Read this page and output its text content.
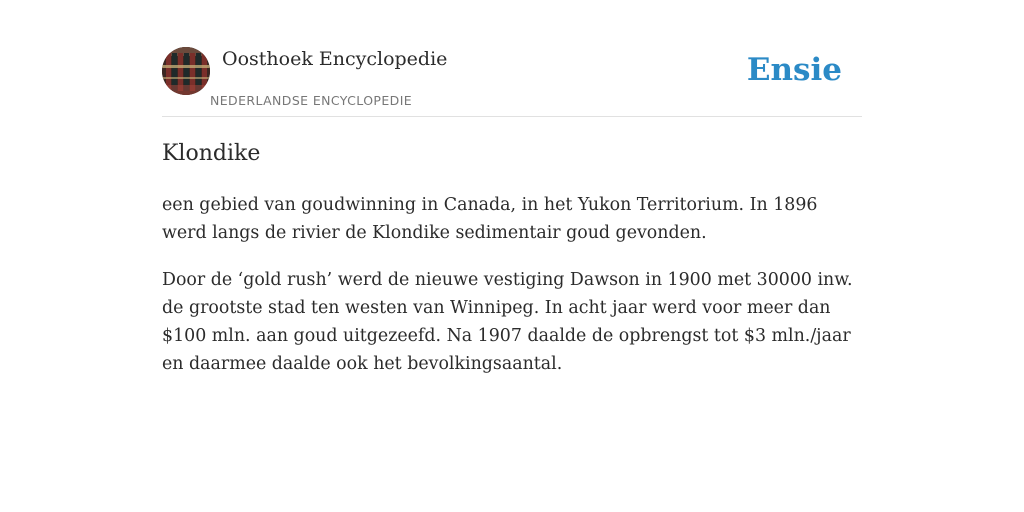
Oosthoek Encyclopedie
NEDERLANDSE ENCYCLOPEDIE
Ensie
Klondike

een gebied van goudwinning in Canada, in het Yukon Territorium. In 1896 werd langs de rivier de Klondike sedimentair goud gevonden.

Door de ‘gold rush’ werd de nieuwe vestiging Dawson in 1900 met 30000 inw. de grootste stad ten westen van Winnipeg. In acht jaar werd voor meer dan $100 mln. aan goud uitgezeefd. Na 1907 daalde de opbrengst tot $3 mln./jaar en daarmee daalde ook het bevolkingsaantal.
